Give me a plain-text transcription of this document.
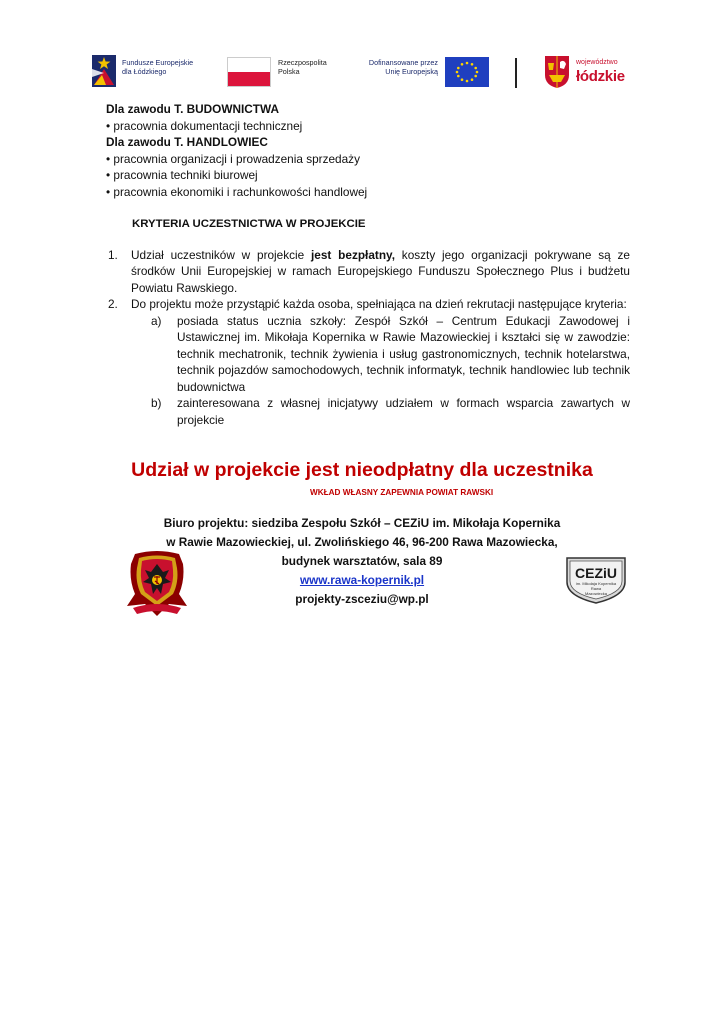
Fundusze Europejskie
dla Łódzkiego
Rzeczpospolita
Polska
Dofinansowane przez
Unię Europejską
województwo
łódzkie
Dla zawodu T. BUDOWNICTWA
• pracownia dokumentacji technicznej
Dla zawodu T. HANDLOWIEC
• pracownia organizacji i prowadzenia sprzedaży
• pracownia techniki biurowej
• pracownia ekonomiki i rachunkowości handlowej
KRYTERIA UCZESTNICTWA W PROJEKCIE
1. Udział uczestników w projekcie jest bezpłatny, koszty jego organizacji pokrywane są ze środków Unii Europejskiej w ramach Europejskiego Funduszu Społecznego Plus i budżetu Powiatu Rawskiego.
2. Do projektu może przystąpić każda osoba, spełniająca na dzień rekrutacji następujące kryteria:
a) posiada status ucznia szkoły: Zespół Szkół – Centrum Edukacji Zawodowej i Ustawicznej im. Mikołaja Kopernika w Rawie Mazowieckiej i kształci się w zawodzie: technik mechatronik, technik żywienia i usług gastronomicznych, technik hotelarstwa, technik pojazdów samochodowych, technik informatyk, technik handlowiec lub technik budownictwa
b) zainteresowana z własnej inicjatywy udziałem w formach wsparcia zawartych w projekcie
Udział w projekcie jest nieodpłatny dla uczestnika
WKŁAD WŁASNY ZAPEWNIA POWIAT RAWSKI
Biuro projektu: siedziba Zespołu Szkół – CEZiU im. Mikołaja Kopernika
w Rawie Mazowieckiej, ul. Zwolińskiego 46, 96-200 Rawa Mazowiecka,
budynek warsztatów, sala 89
www.rawa-kopernik.pl
projekty-zsceziu@wp.pl
CEZiU
im. Mikołaja Kopernika
Rawa
Mazowiecka
